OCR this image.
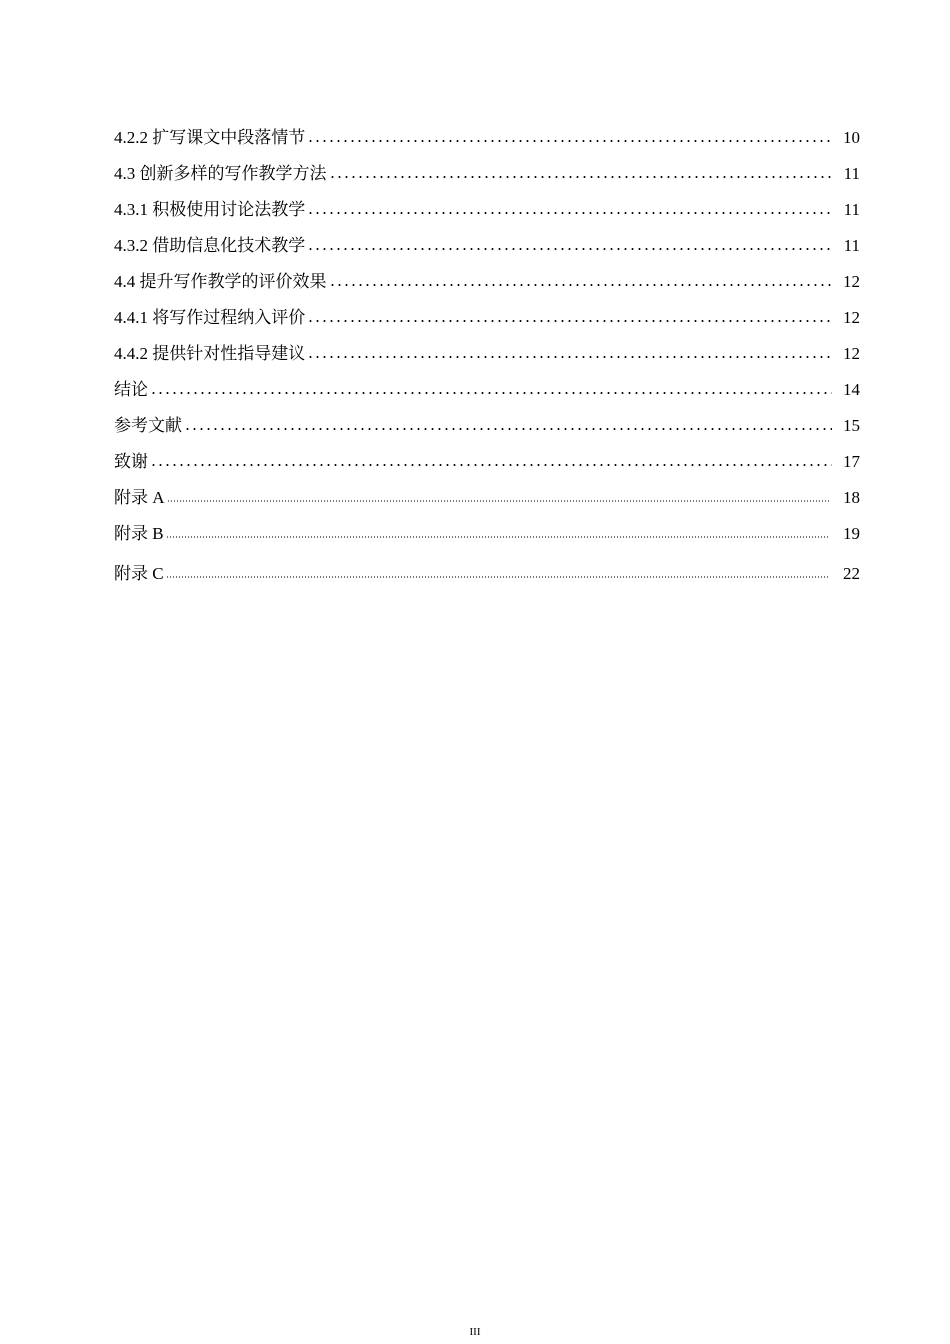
4.2.2 扩写课文中段落情节	10
4.3 创新多样的写作教学方法	11
4.3.1 积极使用讨论法教学	11
4.3.2 借助信息化技术教学	11
4.4 提升写作教学的评价效果	12
4.4.1 将写作过程纳入评价	12
4.4.2 提供针对性指导建议	12
结论	14
参考文献	15
致谢	17
附录 A	18
附录 B	19
附录 C	22
III
